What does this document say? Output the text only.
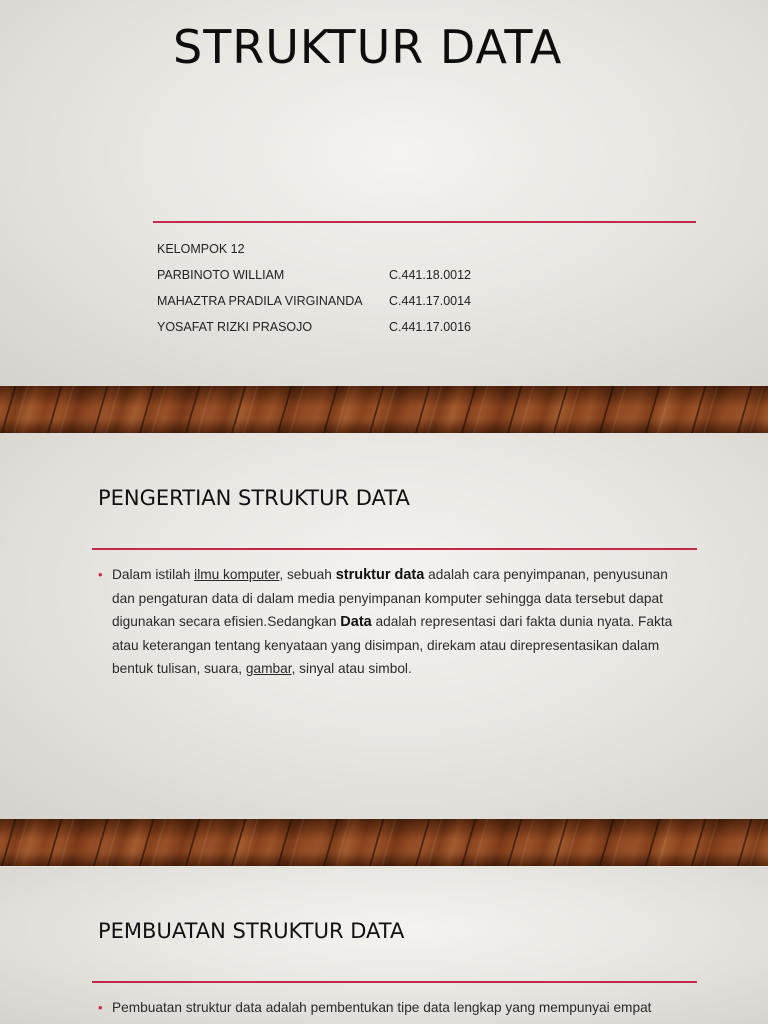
STRUKTUR DATA
KELOMPOK 12
PARBINOTO WILLIAM	C.441.18.0012
MAHAZTRA PRADILA VIRGINANDA	C.441.17.0014
YOSAFAT RIZKI PRASOJO	C.441.17.0016
PENGERTIAN STRUKTUR DATA
• Dalam istilah ilmu komputer, sebuah struktur data adalah cara penyimpanan, penyusunan dan pengaturan data di dalam media penyimpanan komputer sehingga data tersebut dapat digunakan secara efisien.Sedangkan Data adalah representasi dari fakta dunia nyata. Fakta atau keterangan tentang kenyataan yang disimpan, direkam atau direpresentasikan dalam bentuk tulisan, suara, gambar, sinyal atau simbol.
PEMBUATAN STRUKTUR DATA
• Pembuatan struktur data adalah pembentukan tipe data lengkap yang mempunyai empat
